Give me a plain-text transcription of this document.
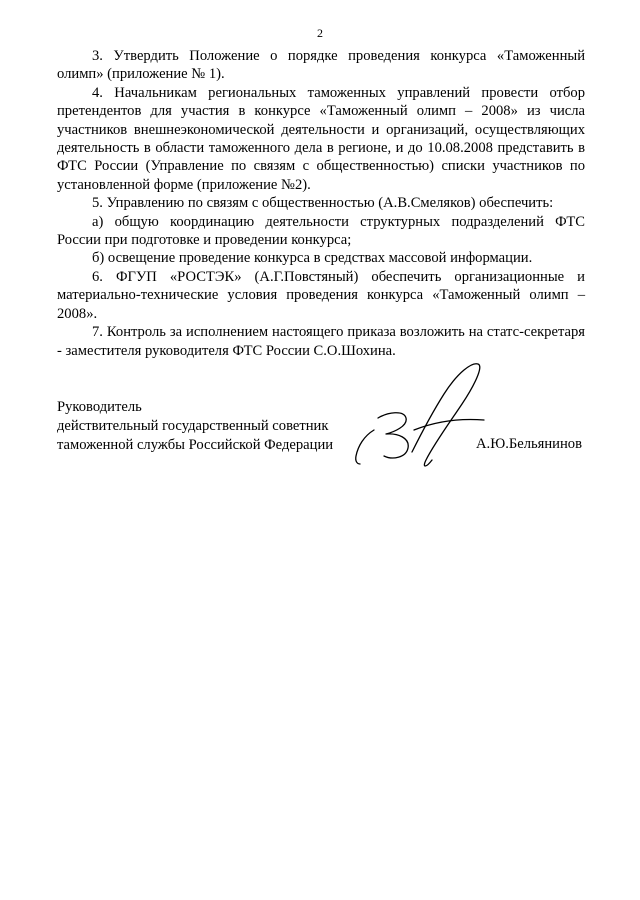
2

3. Утвердить Положение о порядке проведения конкурса «Таможенный олимп» (приложение № 1).

4. Начальникам региональных таможенных управлений провести отбор претендентов для участия в конкурсе «Таможенный олимп – 2008» из числа участников внешнеэкономической деятельности и организаций, осуществляющих деятельность в области таможенного дела в регионе, и до 10.08.2008 представить в ФТС России (Управление по связям с общественностью) списки участников по установленной форме (приложение №2).

5. Управлению по связям с общественностью (А.В.Смеляков) обеспечить:

а) общую координацию деятельности структурных подразделений ФТС России при подготовке и проведении конкурса;

б) освещение проведение конкурса в средствах массовой информации.

6. ФГУП «РОСТЭК» (А.Г.Повстяный) обеспечить организационные и материально-технические условия проведения конкурса «Таможенный олимп – 2008».

7. Контроль за исполнением настоящего приказа возложить на статс-секретаря - заместителя руководителя ФТС России С.О.Шохина.

Руководитель
действительный государственный советник
таможенной службы Российской Федерации	А.Ю.Бельянинов
